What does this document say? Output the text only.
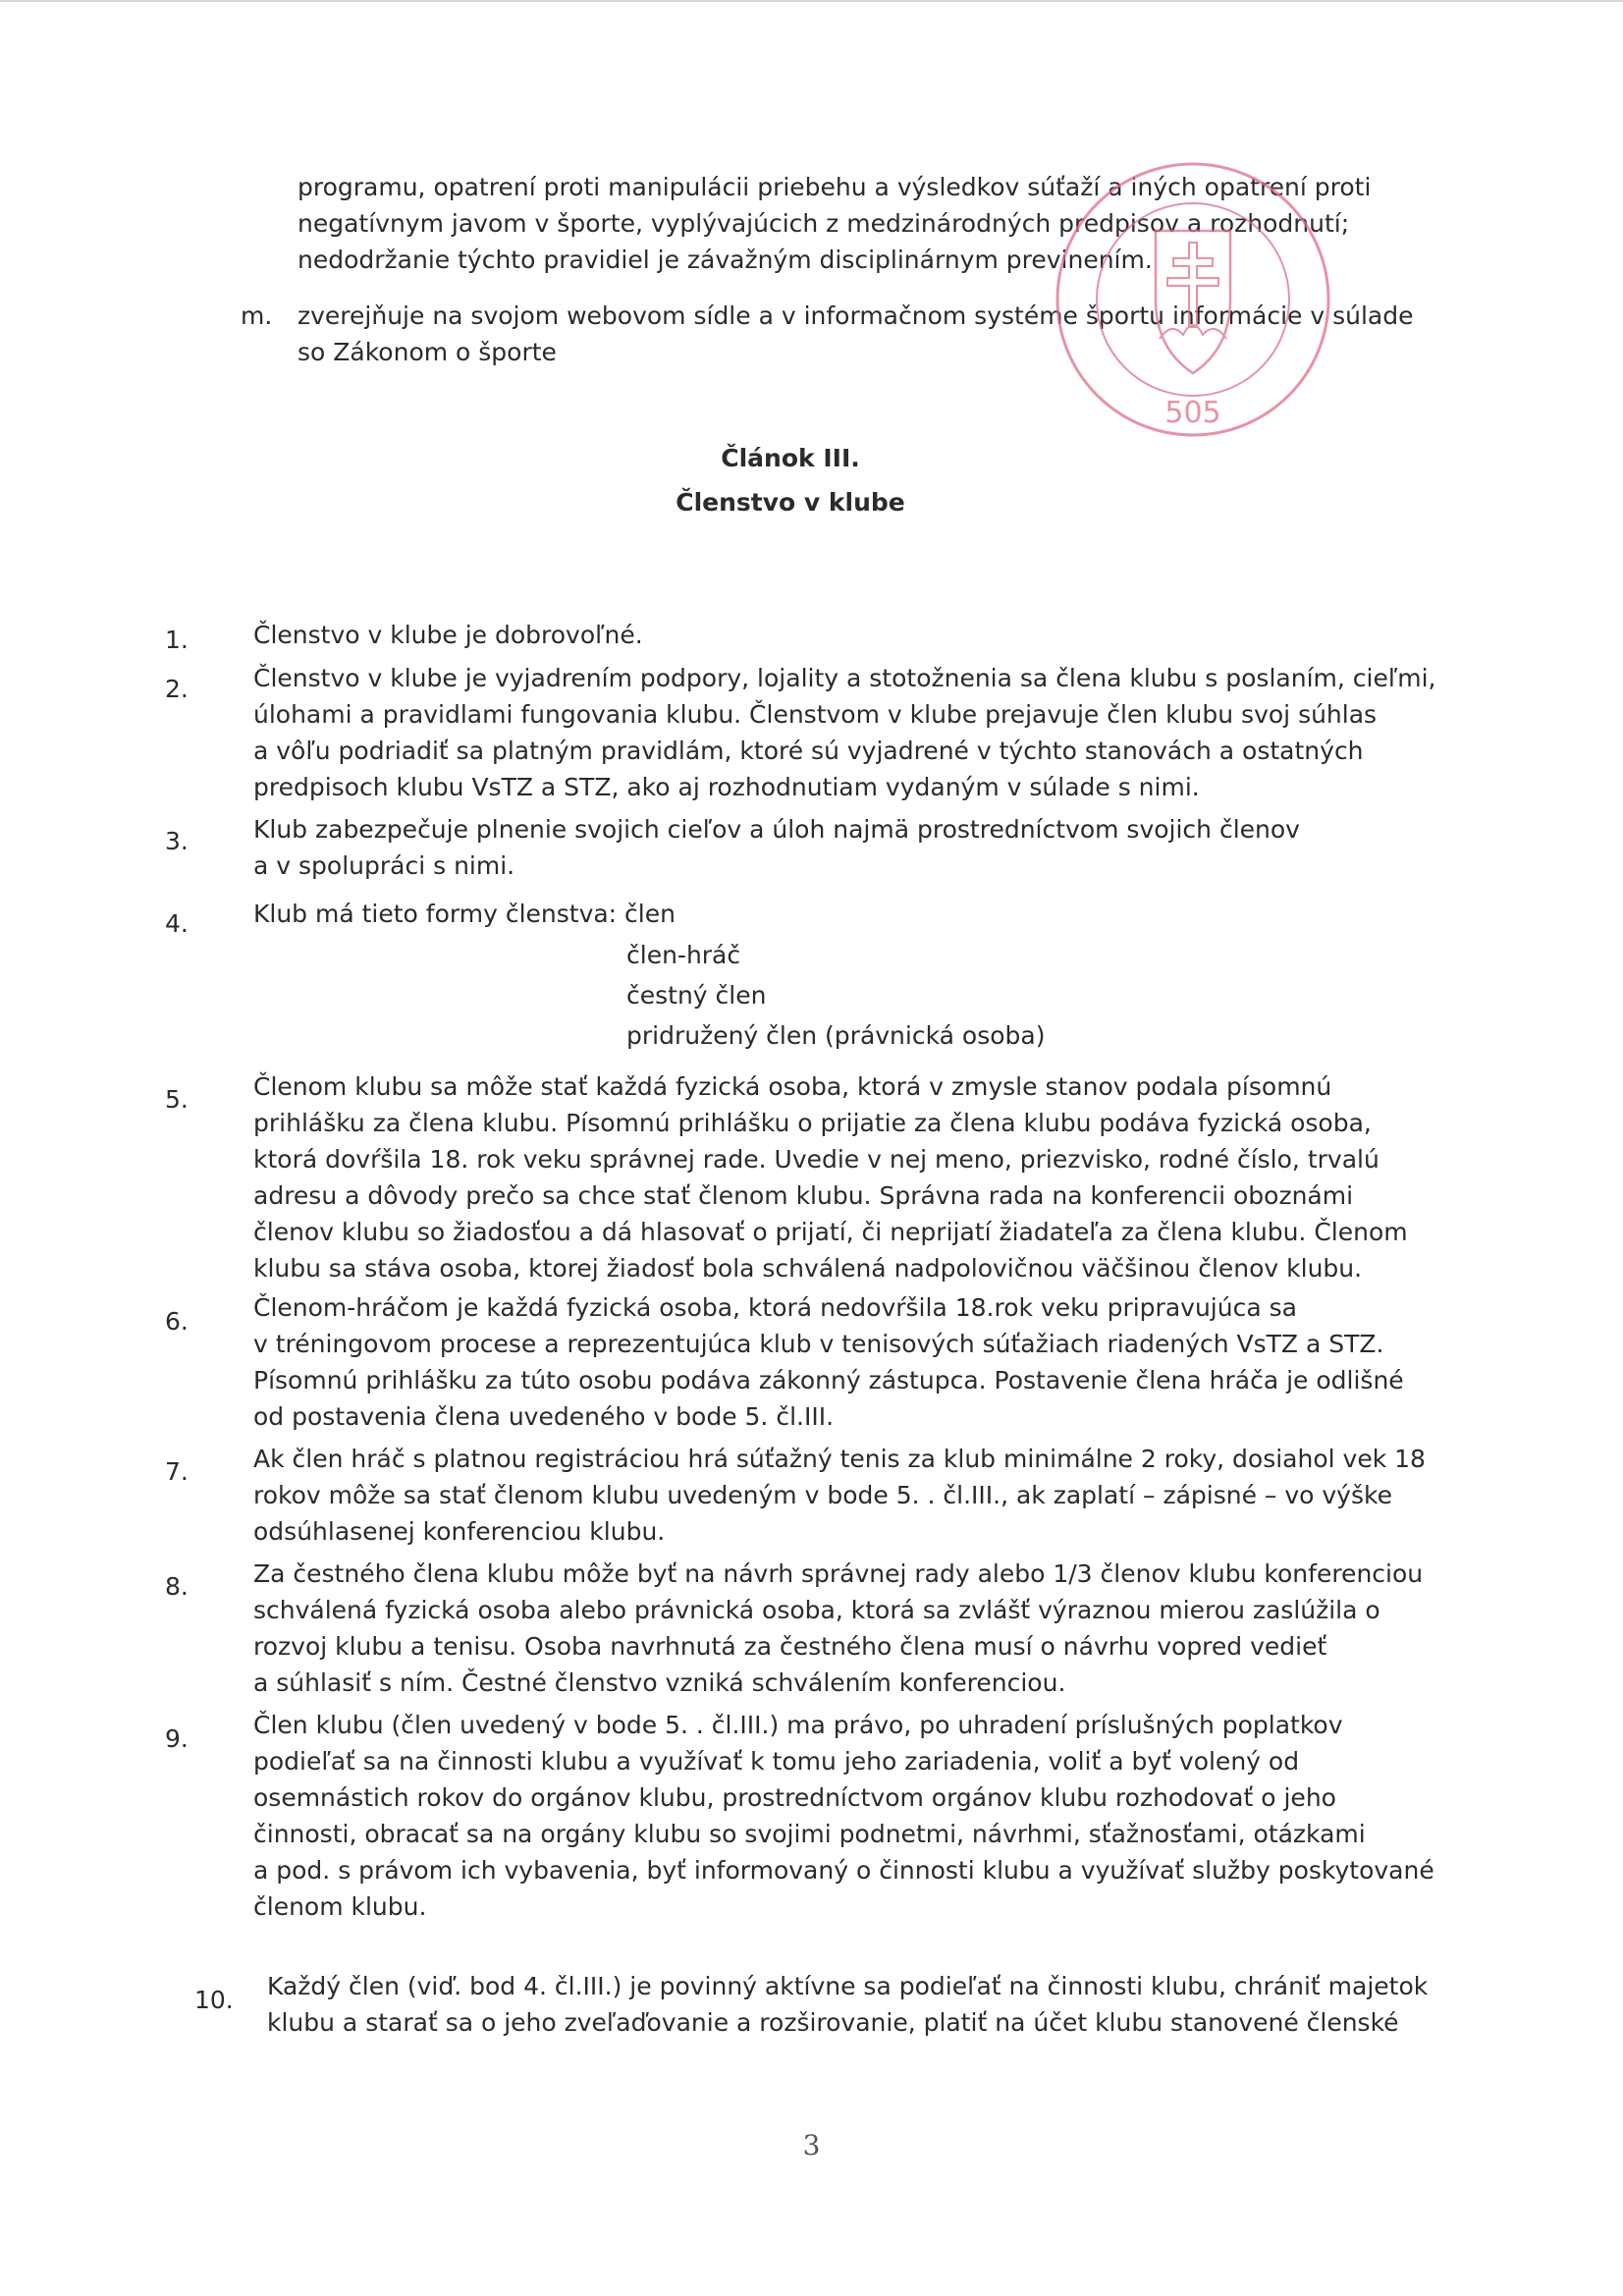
programu, opatrení proti manipulácii priebehu a výsledkov súťaží a iných opatrení proti
negatívnym javom v športe, vyplývajúcich z medzinárodných predpisov a rozhodnutí;
nedodržanie týchto pravidiel je závažným disciplinárnym previnením.
m. zverejňuje na svojom webovom sídle a v informačnom systéme športu informácie v súlade
so Zákonom o športe
505
Článok III.
Členstvo v klube
1.	Členstvo v klube je dobrovoľné.
2.	Členstvo v klube je vyjadrením podpory, lojality a stotožnenia sa člena klubu s poslaním, cieľmi,
úlohami a pravidlami fungovania klubu. Členstvom v klube prejavuje člen klubu svoj súhlas
a vôľu podriadiť sa platným pravidlám, ktoré sú vyjadrené v týchto stanovách a ostatných
predpisoch klubu VsTZ a STZ, ako aj rozhodnutiam vydaným v súlade s nimi.
3.	Klub zabezpečuje plnenie svojich cieľov a úloh najmä prostredníctvom svojich členov
a v spolupráci s nimi.
4.	Klub má tieto formy členstva: člen
člen-hráč
čestný člen
pridružený člen (právnická osoba)
5.	Členom klubu sa môže stať každá fyzická osoba, ktorá v zmysle stanov podala písomnú
prihlášku za člena klubu. Písomnú prihlášku o prijatie za člena klubu podáva fyzická osoba,
ktorá dovŕšila 18. rok veku správnej rade. Uvedie v nej meno, priezvisko, rodné číslo, trvalú
adresu a dôvody prečo sa chce stať členom klubu. Správna rada na konferencii oboznámi
členov klubu so žiadosťou a dá hlasovať o prijatí, či neprijatí žiadateľa za člena klubu. Členom
klubu sa stáva osoba, ktorej žiadosť bola schválená nadpolovičnou väčšinou členov klubu.
6.	Členom-hráčom je každá fyzická osoba, ktorá nedovŕšila 18.rok veku pripravujúca sa
v tréningovom procese a reprezentujúca klub v tenisových súťažiach riadených VsTZ a STZ.
Písomnú prihlášku za túto osobu podáva zákonný zástupca. Postavenie člena hráča je odlišné
od postavenia člena uvedeného v bode 5. čl.III.
7.	Ak člen hráč s platnou registráciou hrá súťažný tenis za klub minimálne 2 roky, dosiahol vek 18
rokov môže sa stať členom klubu uvedeným v bode 5. . čl.III., ak zaplatí – zápisné – vo výške
odsúhlasenej konferenciou klubu.
8.	Za čestného člena klubu môže byť na návrh správnej rady alebo 1/3 členov klubu konferenciou
schválená fyzická osoba alebo právnická osoba, ktorá sa zvlášť výraznou mierou zaslúžila o
rozvoj klubu a tenisu. Osoba navrhnutá za čestného člena musí o návrhu vopred vedieť
a súhlasiť s ním. Čestné členstvo vzniká schválením konferenciou.
9.	Člen klubu (člen uvedený v bode 5. . čl.III.) ma právo, po uhradení príslušných poplatkov
podieľať sa na činnosti klubu a využívať k tomu jeho zariadenia, voliť a byť volený od
osemnástich rokov do orgánov klubu, prostredníctvom orgánov klubu rozhodovať o jeho
činnosti, obracať sa na orgány klubu so svojimi podnetmi, návrhmi, sťažnosťami, otázkami
a pod. s právom ich vybavenia, byť informovaný o činnosti klubu a využívať služby poskytované
členom klubu.
10. Každý člen (viď. bod 4. čl.III.) je povinný aktívne sa podieľať na činnosti klubu, chrániť majetok
klubu a starať sa o jeho zveľaďovanie a rozširovanie, platiť na účet klubu stanovené členské
3
